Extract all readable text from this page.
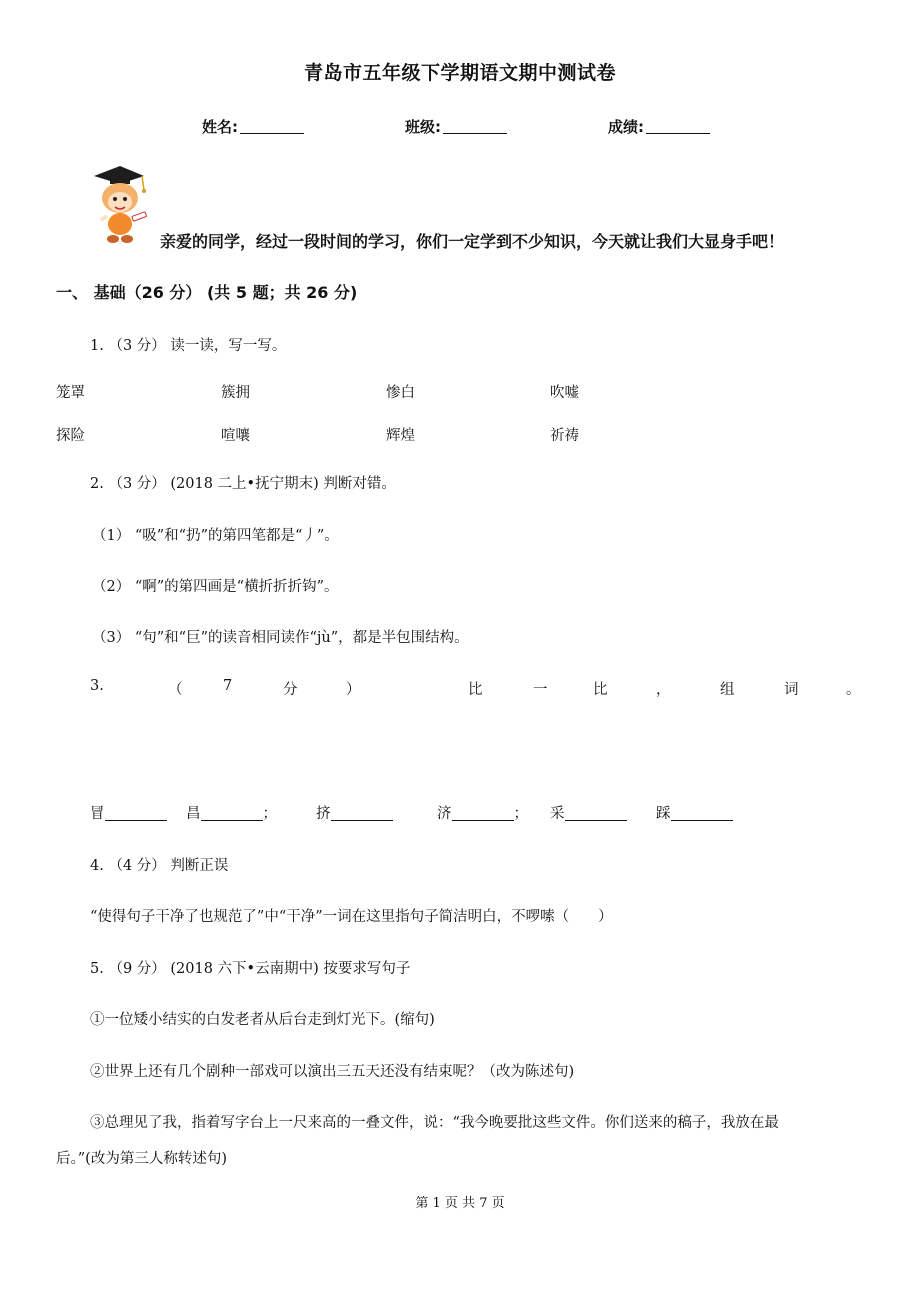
青岛市五年级下学期语文期中测试卷
姓名:	班级:	成绩:
亲爱的同学，经过一段时间的学习，你们一定学到不少知识，今天就让我们大显身手吧！
一、 基础（26 分） (共 5 题；共 26 分)
1. （3 分） 读一读，写一写。
笼罩	簇拥	惨白	吹嘘
探险	喧嚷	辉煌	祈祷
2. （3 分） (2018 二上•抚宁期末) 判断对错。
（1） “吸”和“扔”的第四笔都是“丿”。
（2） “啊”的第四画是“横折折折钩”。
（3） “句”和“巨”的读音相同读作“jù”，都是半包围结构。
3.	（	7	分	）	比	一	比	，	组	词	。
冒	昌	；	挤	济	； 采	踩
4. （4 分） 判断正误
“使得句子干净了也规范了”中“干净”一词在这里指句子简洁明白，不啰嗦（　　）
5. （9 分） (2018 六下•云南期中) 按要求写句子
①一位矮小结实的白发老者从后台走到灯光下。(缩句)
②世界上还有几个剧种一部戏可以演出三五天还没有结束呢？（改为陈述句)
③总理见了我，指着写字台上一尺来高的一叠文件，说：“我今晚要批这些文件。你们送来的稿子，我放在最
后。”(改为第三人称转述句)
第 1 页 共 7 页
